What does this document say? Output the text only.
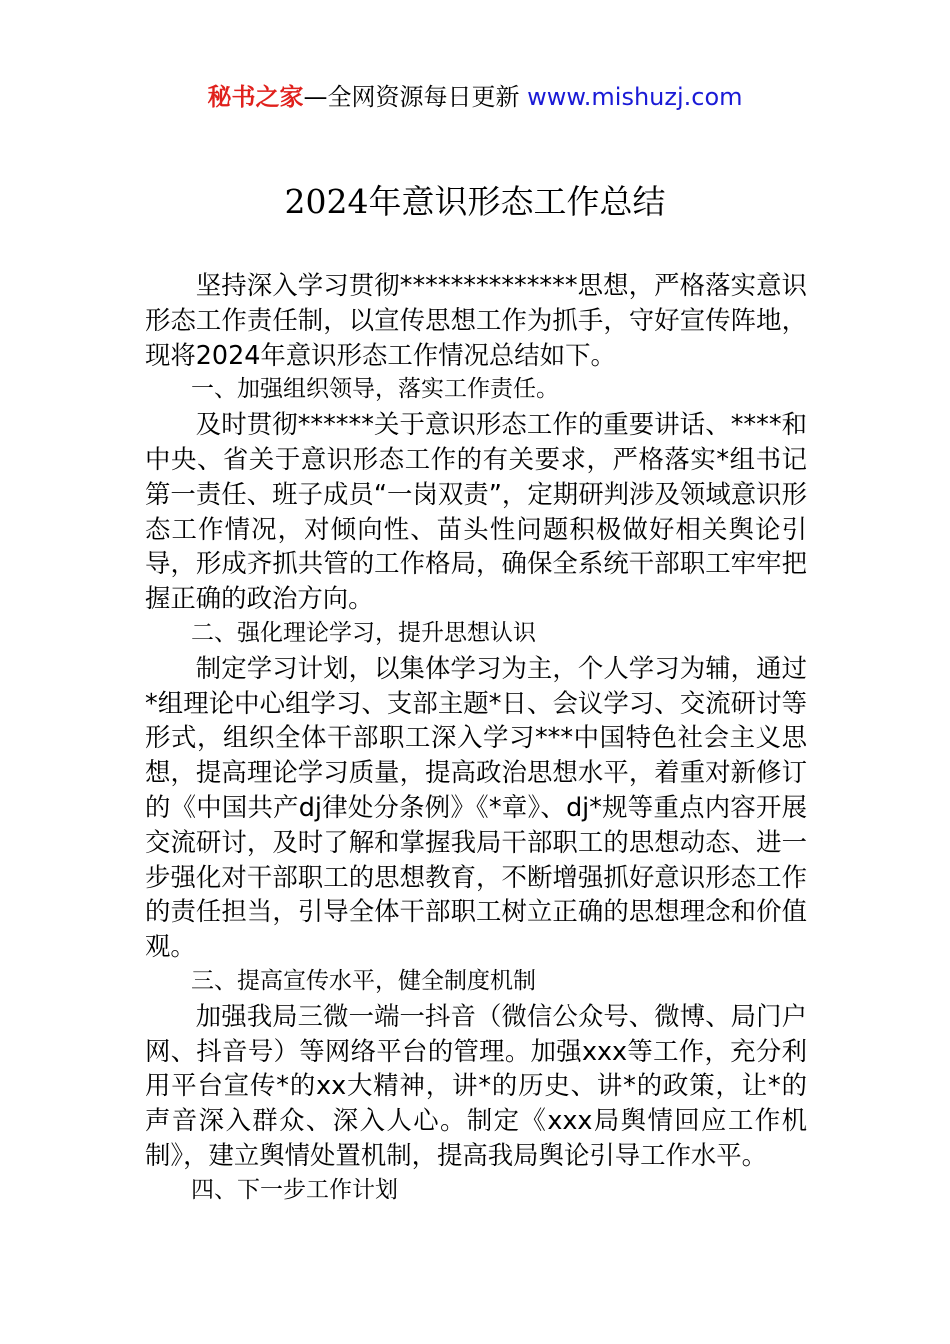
秘书之家—全网资源每日更新 www.mishuzj.com
2024年意识形态工作总结

坚持深入学习贯彻**************思想，严格落实意识形态工作责任制，以宣传思想工作为抓手，守好宣传阵地，现将2024年意识形态工作情况总结如下。

一、加强组织领导，落实工作责任。

及时贯彻******关于意识形态工作的重要讲话、****和中央、省关于意识形态工作的有关要求，严格落实*组书记第一责任、班子成员“一岗双责”，定期研判涉及领域意识形态工作情况，对倾向性、苗头性问题积极做好相关舆论引导，形成齐抓共管的工作格局，确保全系统干部职工牢牢把握正确的政治方向。

二、强化理论学习，提升思想认识

制定学习计划，以集体学习为主，个人学习为辅，通过*组理论中心组学习、支部主题*日、会议学习、交流研讨等形式，组织全体干部职工深入学习***中国特色社会主义思想，提高理论学习质量，提高政治思想水平，着重对新修订的《中国共产dj律处分条例》《*章》、dj*规等重点内容开展交流研讨，及时了解和掌握我局干部职工的思想动态、进一步强化对干部职工的思想教育，不断增强抓好意识形态工作的责任担当，引导全体干部职工树立正确的思想理念和价值观。

三、提高宣传水平，健全制度机制

加强我局三微一端一抖音（微信公众号、微博、局门户网、抖音号）等网络平台的管理。加强xxx等工作，充分利用平台宣传*的xx大精神，讲*的历史、讲*的政策，让*的声音深入群众、深入人心。制定《xxx局舆情回应工作机制》，建立舆情处置机制，提高我局舆论引导工作水平。

四、下一步工作计划
